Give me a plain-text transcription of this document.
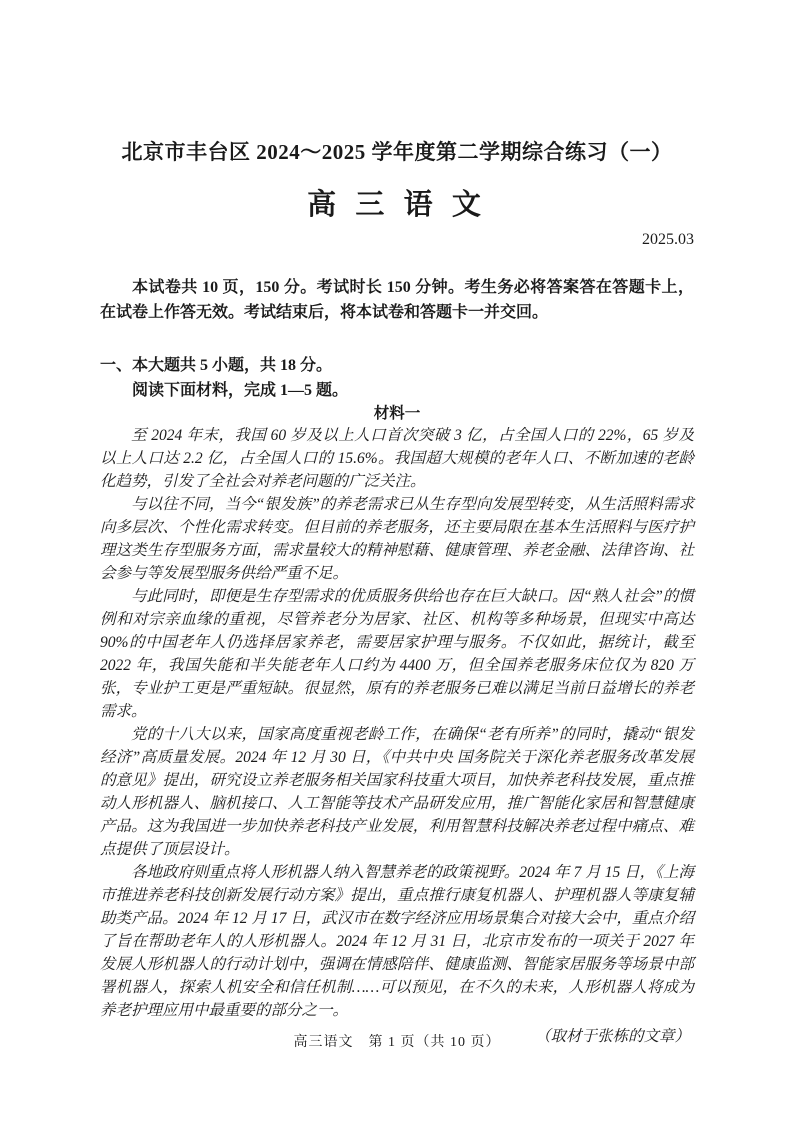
北京市丰台区 2024～2025 学年度第二学期综合练习（一）
高 三 语 文
2025.03

本试卷共 10 页，150 分。考试时长 150 分钟。考生务必将答案答在答题卡上，在试卷上作答无效。考试结束后，将本试卷和答题卡一并交回。

一、本大题共 5 小题，共 18 分。
阅读下面材料，完成 1—5 题。
材料一

至 2024 年末，我国 60 岁及以上人口首次突破 3 亿，占全国人口的 22%，65 岁及以上人口达 2.2 亿，占全国人口的 15.6%。我国超大规模的老年人口、不断加速的老龄化趋势，引发了全社会对养老问题的广泛关注。

与以往不同，当今“银发族”的养老需求已从生存型向发展型转变，从生活照料需求向多层次、个性化需求转变。但目前的养老服务，还主要局限在基本生活照料与医疗护理这类生存型服务方面，需求量较大的精神慰藉、健康管理、养老金融、法律咨询、社会参与等发展型服务供给严重不足。

与此同时，即便是生存型需求的优质服务供给也存在巨大缺口。因“熟人社会”的惯例和对宗亲血缘的重视，尽管养老分为居家、社区、机构等多种场景，但现实中高达 90%的中国老年人仍选择居家养老，需要居家护理与服务。不仅如此，据统计，截至 2022 年，我国失能和半失能老年人口约为 4400 万，但全国养老服务床位仅为 820 万张，专业护工更是严重短缺。很显然，原有的养老服务已难以满足当前日益增长的养老需求。

党的十八大以来，国家高度重视老龄工作，在确保“老有所养”的同时，撬动“银发经济”高质量发展。2024 年 12 月 30 日，《中共中央 国务院关于深化养老服务改革发展的意见》提出，研究设立养老服务相关国家科技重大项目，加快养老科技发展，重点推动人形机器人、脑机接口、人工智能等技术产品研发应用，推广智能化家居和智慧健康产品。这为我国进一步加快养老科技产业发展，利用智慧科技解决养老过程中痛点、难点提供了顶层设计。

各地政府则重点将人形机器人纳入智慧养老的政策视野。2024 年 7 月 15 日，《上海市推进养老科技创新发展行动方案》提出，重点推行康复机器人、护理机器人等康复辅助类产品。2024 年 12 月 17 日，武汉市在数字经济应用场景集合对接大会中，重点介绍了旨在帮助老年人的人形机器人。2024 年 12 月 31 日，北京市发布的一项关于 2027 年发展人形机器人的行动计划中，强调在情感陪伴、健康监测、智能家居服务等场景中部署机器人，探索人机安全和信任机制……可以预见，在不久的未来，人形机器人将成为养老护理应用中最重要的部分之一。

（取材于张栋的文章）
高三语文　第 1 页（共 10 页）
